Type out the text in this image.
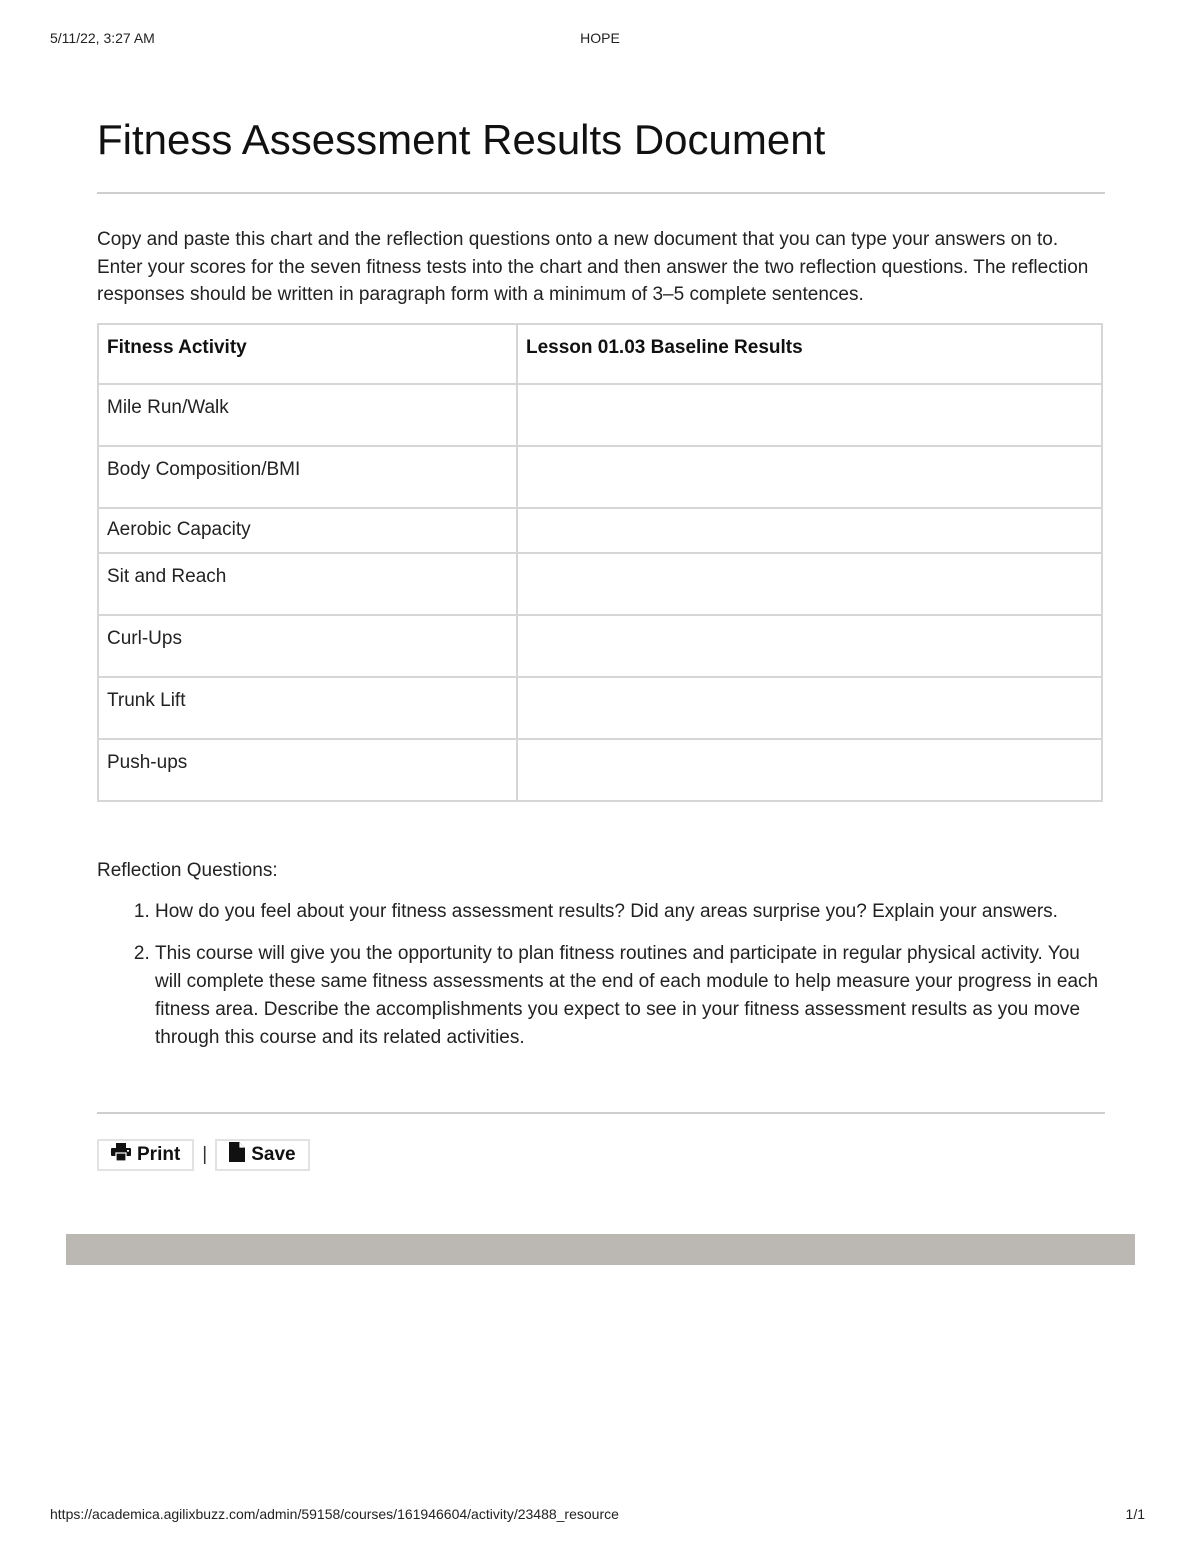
5/11/22, 3:27 AM	HOPE
Fitness Assessment Results Document

Copy and paste this chart and the reflection questions onto a new document that you can type your answers on to. Enter your scores for the seven fitness tests into the chart and then answer the two reflection questions. The reflection responses should be written in paragraph form with a minimum of 3–5 complete sentences.

Fitness Activity	Lesson 01.03 Baseline Results
Mile Run/Walk	
Body Composition/BMI	
Aerobic Capacity	
Sit and Reach	
Curl-Ups	
Trunk Lift	
Push-ups	
Reflection Questions:
1. How do you feel about your fitness assessment results? Did any areas surprise you? Explain your answers.
2. This course will give you the opportunity to plan fitness routines and participate in regular physical activity. You will complete these same fitness assessments at the end of each module to help measure your progress in each fitness area. Describe the accomplishments you expect to see in your fitness assessment results as you move through this course and its related activities.
Print | Save
https://academica.agilixbuzz.com/admin/59158/courses/161946604/activity/23488_resource	1/1
